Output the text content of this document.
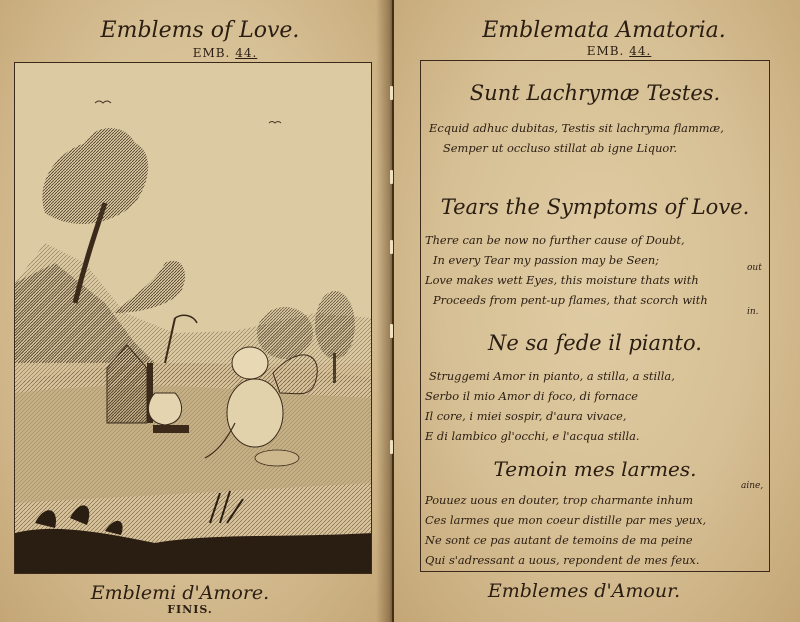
Emblems of Love.
EMB. 44.
Emblemi d'Amore.
FINIS.
Emblemata Amatoria.
EMB. 44.
Sunt Lachrymæ Testes.
Ecquid adhuc dubitas, Testis sit lachryma flammæ,
Semper ut occluso stillat ab igne Liquor.
Tears the Symptoms of Love.
There can be now no further cause of Doubt,
In every Tear my passion may be Seen;
Love makes wett Eyes, this moisture thats with
out
Proceeds from pent-up flames, that scorch with
in.
Ne sa fede il pianto.
Struggemi Amor in pianto, a stilla, a stilla,
Serbo il mio Amor di foco, di fornace
Il core, i miei sospir, d'aura vivace,
E di lambico gl'occhi, e l'acqua stilla.
Temoin mes larmes.
aine,
Pouuez uous en douter, trop charmante inhum
Ces larmes que mon coeur distille par mes yeux,
Ne sont ce pas autant de temoins de ma peine
Qui s'adressant a uous, repondent de mes feux.
Emblemes d'Amour.
